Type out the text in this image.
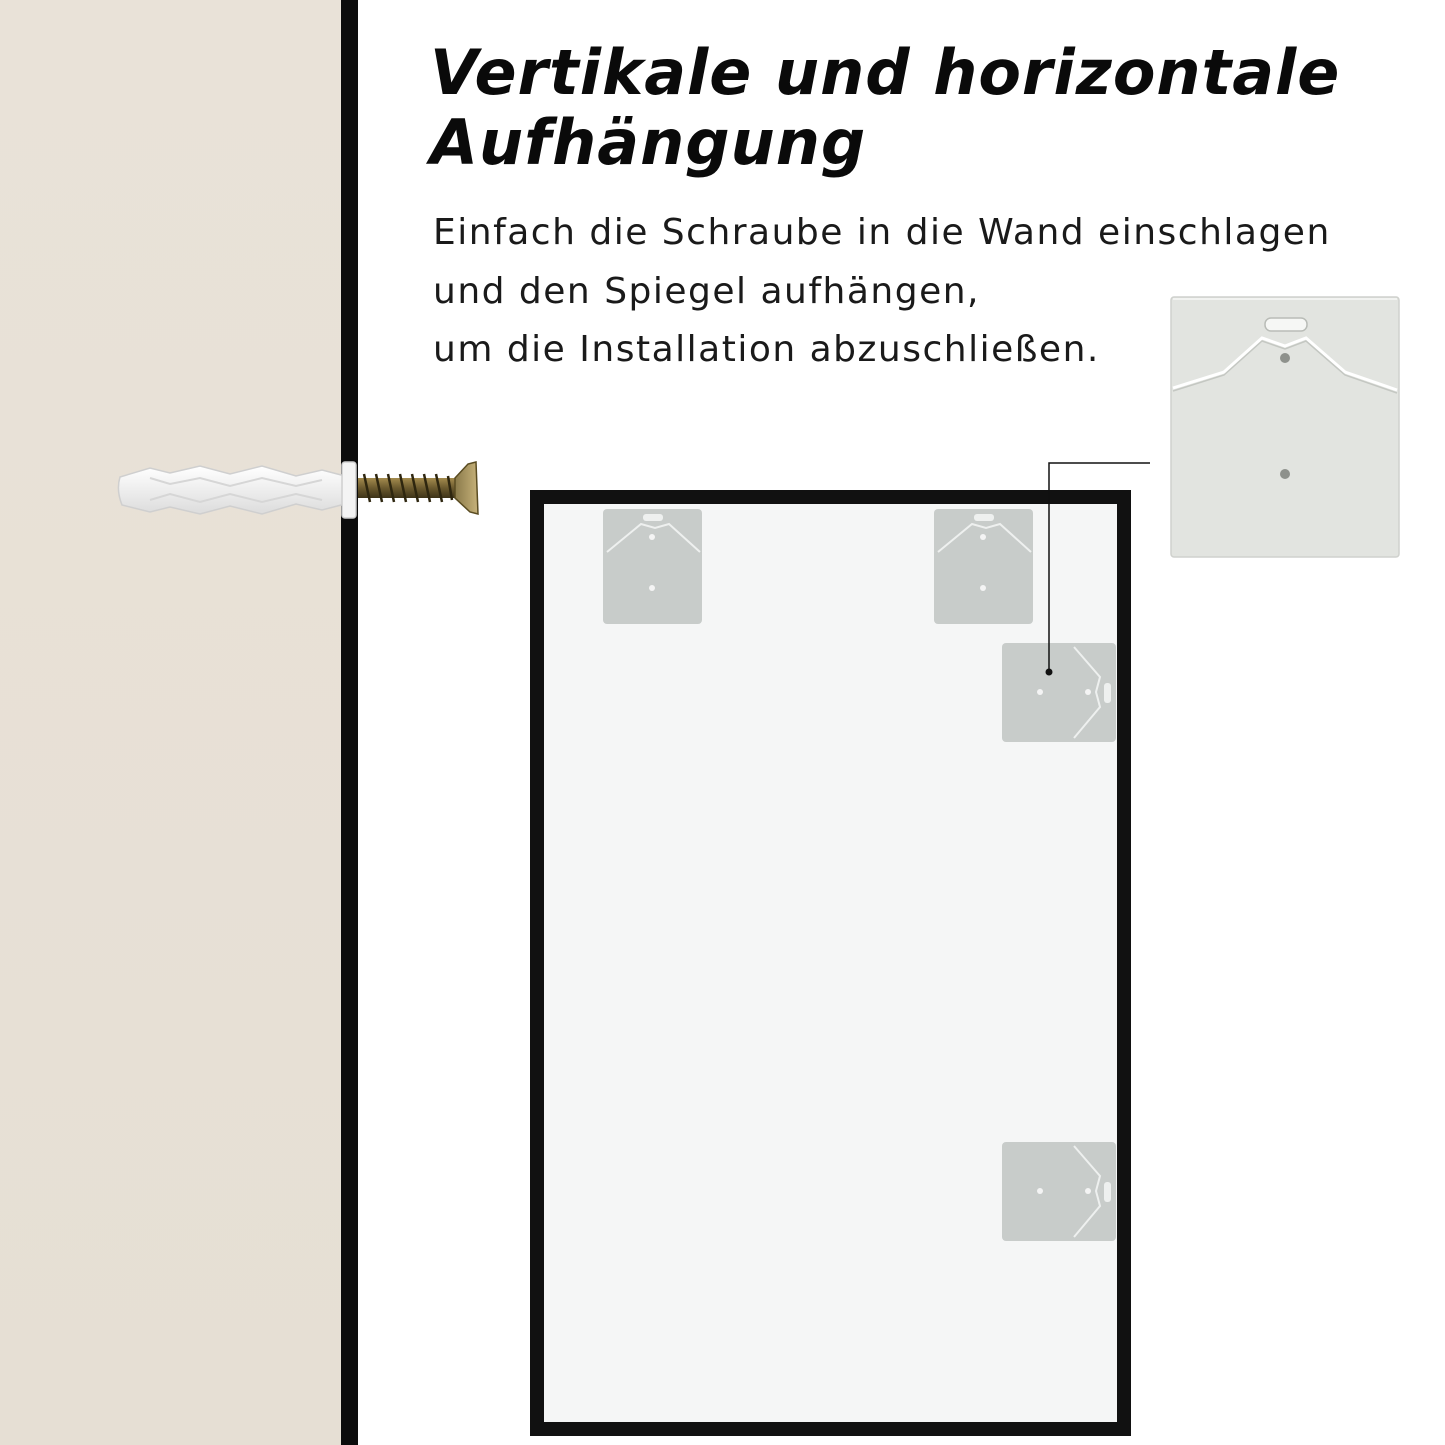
Vertikale und horizontale
Aufhängung

Einfach die Schraube in die Wand einschlagen
und den Spiegel aufhängen,
um die Installation abzuschließen.
